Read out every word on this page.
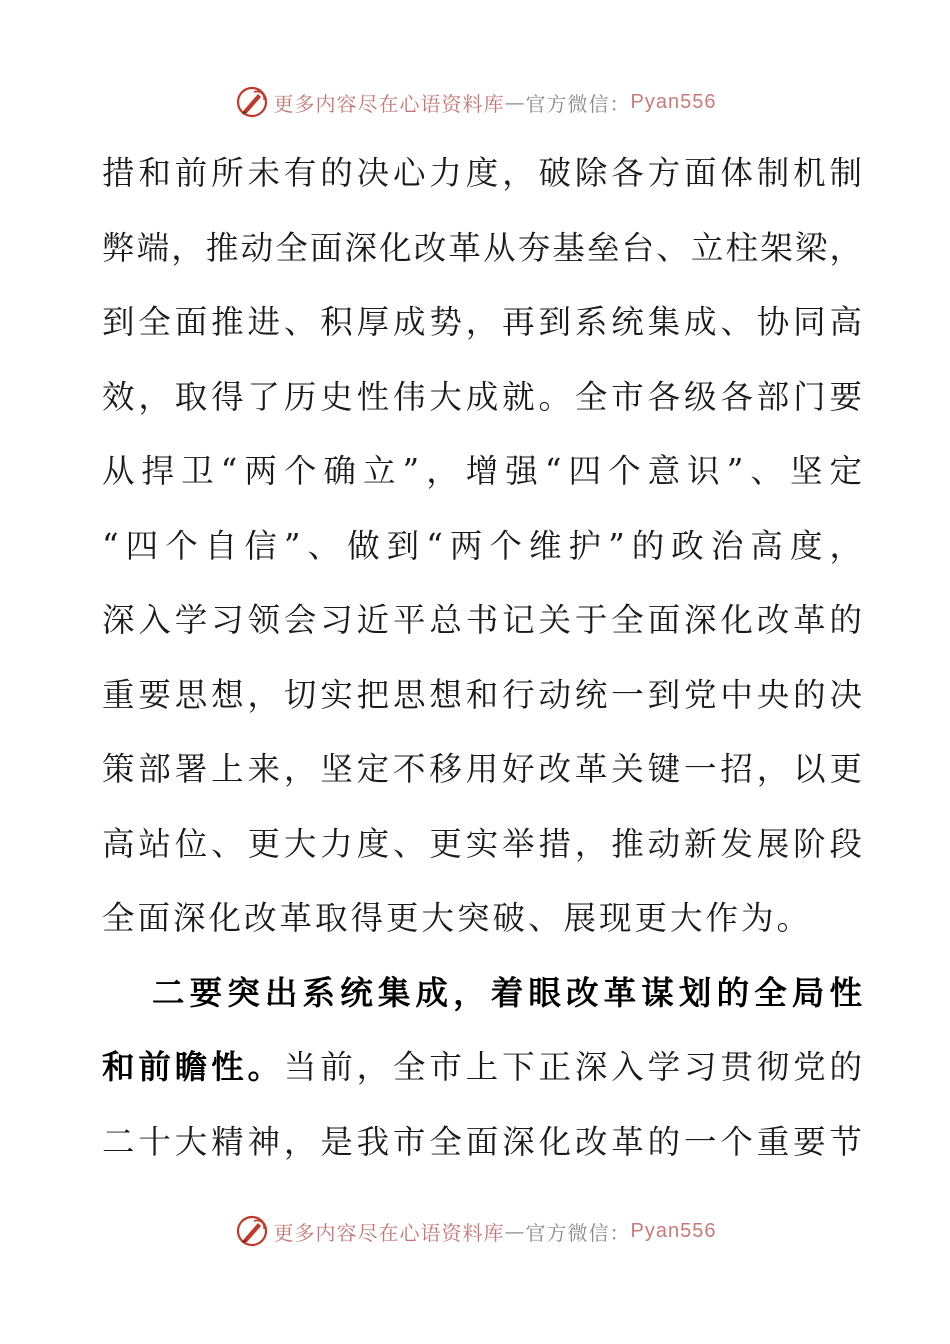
更多内容尽在心语资料库 — 官方微信： Pyan556
措和前所未有的决心力度，破除各方面体制机制
弊端，推动全面深化改革从夯基垒台、立柱架梁，
到全面推进、积厚成势，再到系统集成、协同高
效，取得了历史性伟大成就。全市各级各部门要
从捍卫“两个确立”，增强“四个意识”、坚定
“四个自信”、做到“两个维护”的政治高度，
深入学习领会习近平总书记关于全面深化改革的
重要思想，切实把思想和行动统一到党中央的决
策部署上来，坚定不移用好改革关键一招，以更
高站位、更大力度、更实举措，推动新发展阶段
全面深化改革取得更大突破、展现更大作为。
二要突出系统集成，着眼改革谋划的全局性
和前瞻性。当前，全市上下正深入学习贯彻党的
二十大精神，是我市全面深化改革的一个重要节
更多内容尽在心语资料库 — 官方微信： Pyan556
